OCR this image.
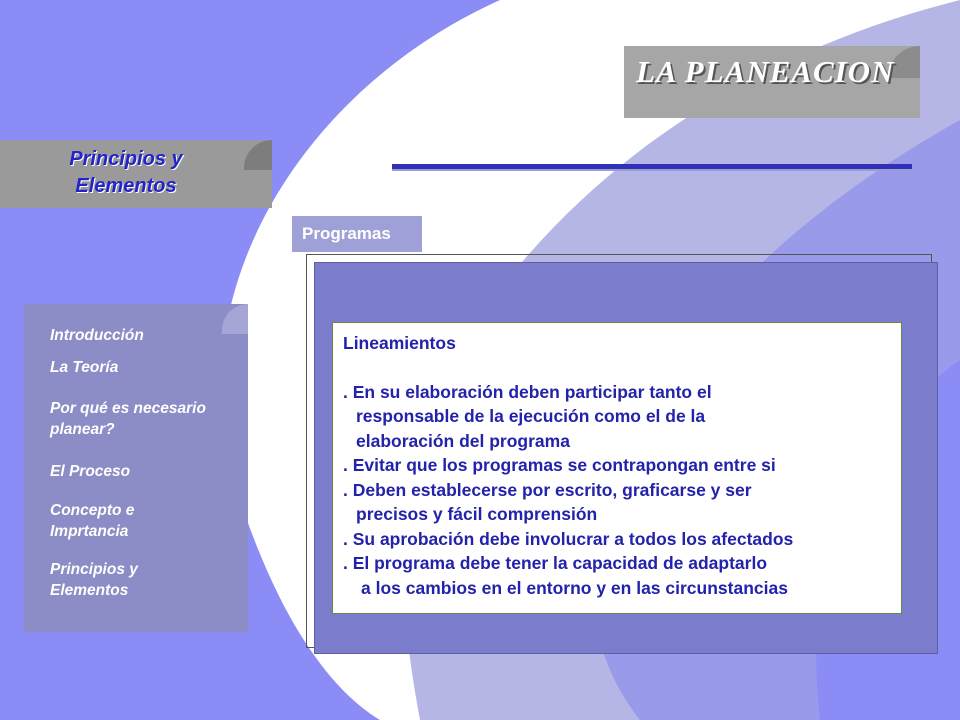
LA PLANEACION
Principios y
Elementos
Programas
Lineamientos
. En su elaboración deben participar tanto el
responsable de la ejecución como el de la
elaboración del programa
. Evitar que los programas se contrapongan entre si
. Deben establecerse por escrito, graficarse y ser
precisos y fácil comprensión
. Su aprobación debe involucrar a todos los afectados
. El programa debe tener la capacidad de adaptarlo
a los cambios en el entorno y en las circunstancias
Introducción
La Teoría
Por qué es necesario
planear?
El Proceso
Concepto e
Imprtancia
Principios y
Elementos
